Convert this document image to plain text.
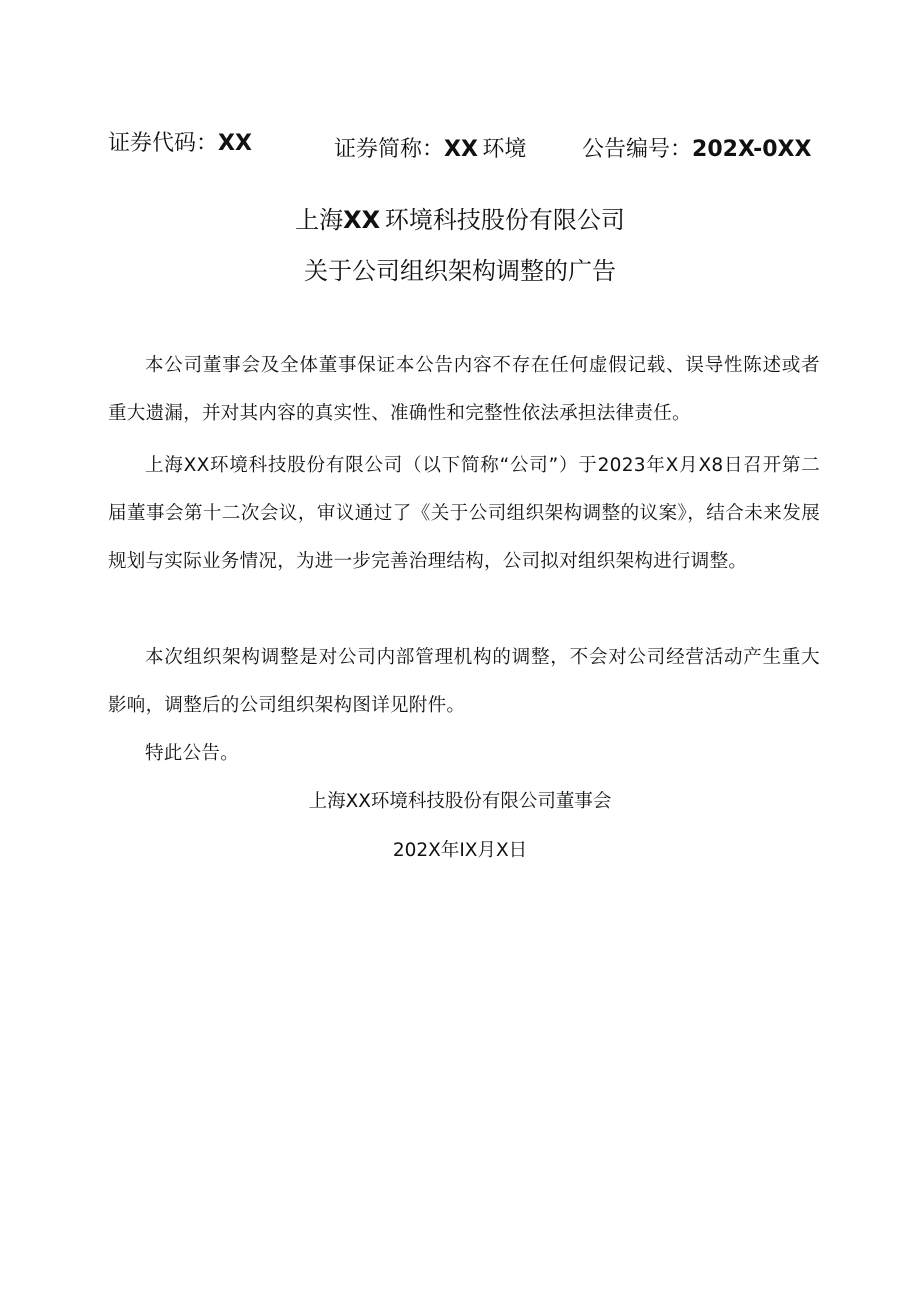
证券代码：XX	证券简称：XX  环境	公告编号：202X-0XX
上海XX  环境科技股份有限公司
关于公司组织架构调整的广告

本公司董事会及全体董事保证本公告内容不存在任何虚假记载、误导性陈述或者重大遗漏，并对其内容的真实性、准确性和完整性依法承担法律责任。

上海XX环境科技股份有限公司（以下简称“公司”）于2023年X月X8日召开第二届董事会第十二次会议，审议通过了《关于公司组织架构调整的议案》，结合未来发展规划与实际业务情况，为进一步完善治理结构，公司拟对组织架构进行调整。

本次组织架构调整是对公司内部管理机构的调整，不会对公司经营活动产生重大影响，调整后的公司组织架构图详见附件。

特此公告。

上海XX环境科技股份有限公司董事会
202X年IX月X日
